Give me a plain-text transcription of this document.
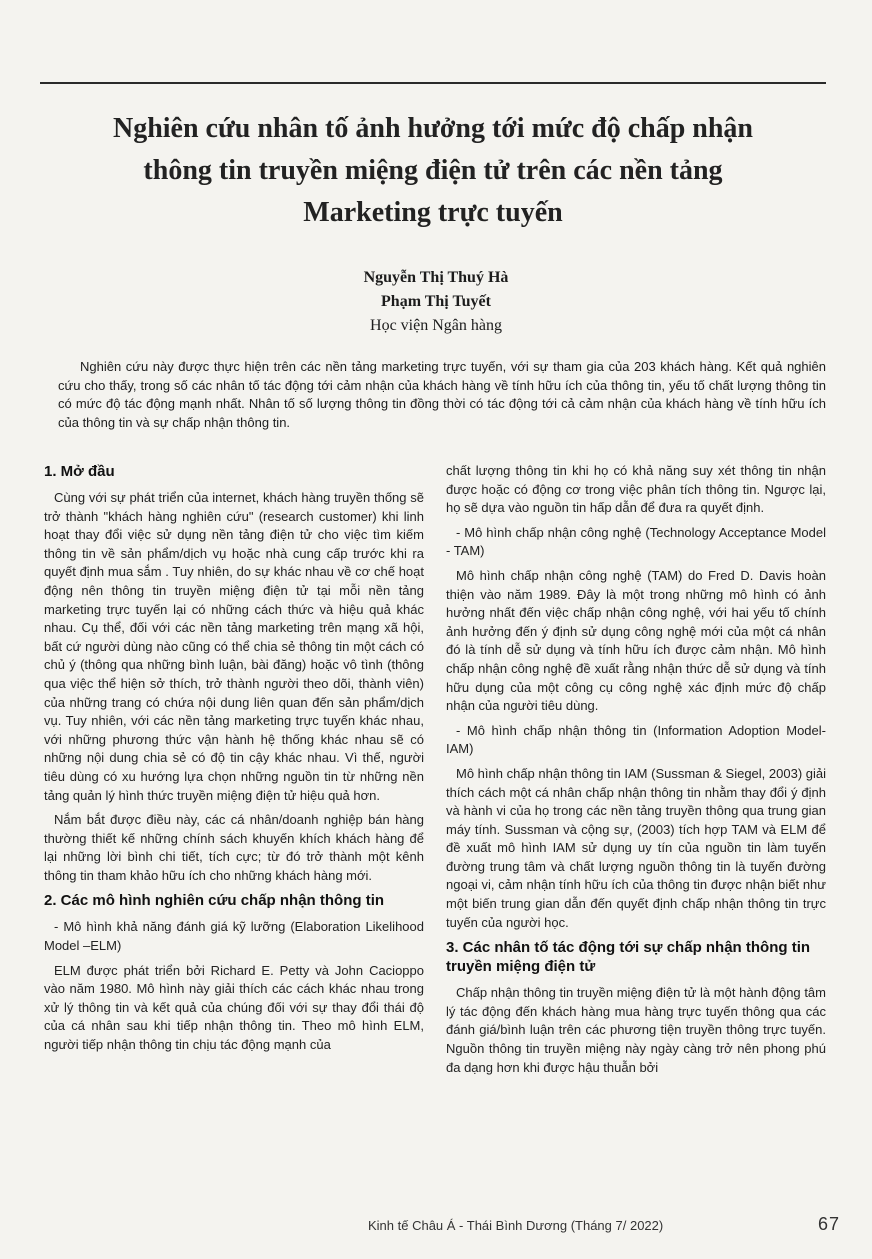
Nghiên cứu nhân tố ảnh hưởng tới mức độ chấp nhận
thông tin truyền miệng điện tử trên các nền tảng
Marketing trực tuyến
Nguyễn Thị Thuý Hà
Phạm Thị Tuyết
Học viện Ngân hàng

Nghiên cứu này được thực hiện trên các nền tảng marketing trực tuyến, với sự tham gia của 203 khách hàng. Kết quả nghiên cứu cho thấy, trong số các nhân tố tác động tới cảm nhận của khách hàng về tính hữu ích của thông tin, yếu tố chất lượng thông tin có mức độ tác động mạnh nhất. Nhân tố số lượng thông tin đồng thời có tác động tới cả cảm nhận của khách hàng về tính hữu ích của thông tin và sự chấp nhận thông tin.

1. Mở đầu

Cùng với sự phát triển của internet, khách hàng truyền thống sẽ trở thành "khách hàng nghiên cứu" (research customer) khi linh hoạt thay đổi việc sử dụng nền tảng điện tử cho việc tìm kiếm thông tin về sản phẩm/dịch vụ hoặc nhà cung cấp trước khi ra quyết định mua sắm . Tuy nhiên, do sự khác nhau về cơ chế hoạt động nên thông tin truyền miệng điện tử tại mỗi nền tảng marketing trực tuyến lại có những cách thức và hiệu quả khác nhau. Cụ thể, đối với các nền tảng marketing trên mạng xã hội, bất cứ người dùng nào cũng có thể chia sẻ thông tin một cách có chủ ý (thông qua những bình luận, bài đăng) hoặc vô tình (thông qua việc thể hiện sở thích, trở thành người theo dõi, thành viên) của những trang có chứa nội dung liên quan đến sản phẩm/dịch vụ. Tuy nhiên, với các nền tảng marketing trực tuyến khác nhau, với những phương thức vận hành hệ thống khác nhau sẽ có những nội dung chia sẻ có độ tin cậy khác nhau. Vì thế, người tiêu dùng có xu hướng lựa chọn những nguồn tin từ những nền tảng quản lý hình thức truyền miệng điện tử hiệu quả hơn.

Nắm bắt được điều này, các cá nhân/doanh nghiệp bán hàng thường thiết kế những chính sách khuyến khích khách hàng để lại những lời bình chi tiết, tích cực; từ đó trở thành một kênh thông tin tham khảo hữu ích cho những khách hàng mới.

2. Các mô hình nghiên cứu chấp nhận thông tin

- Mô hình khả năng đánh giá kỹ lưỡng (Elaboration Likelihood Model –ELM)

ELM được phát triển bởi Richard E. Petty và John Cacioppo vào năm 1980. Mô hình này giải thích các cách khác nhau trong xử lý thông tin và kết quả của chúng đối với sự thay đổi thái độ của cá nhân sau khi tiếp nhận thông tin. Theo mô hình ELM, người tiếp nhận thông tin chịu tác động mạnh của

chất lượng thông tin khi họ có khả năng suy xét thông tin nhận được hoặc có động cơ trong việc phân tích thông tin. Ngược lại, họ sẽ dựa vào nguồn tin hấp dẫn để đưa ra quyết định.

- Mô hình chấp nhận công nghệ (Technology Acceptance Model - TAM)

Mô hình chấp nhận công nghệ (TAM) do Fred D. Davis hoàn thiện vào năm 1989. Đây là một trong những mô hình có ảnh hưởng nhất đến việc chấp nhận công nghệ, với hai yếu tố chính ảnh hưởng đến ý định sử dụng công nghệ mới của một cá nhân đó là tính dễ sử dụng và tính hữu ích được cảm nhận. Mô hình chấp nhận công nghệ đề xuất rằng nhận thức dễ sử dụng và tính hữu dụng của một công cụ công nghệ xác định mức độ chấp nhận của người tiêu dùng.

- Mô hình chấp nhận thông tin (Information Adoption Model-IAM)

Mô hình chấp nhận thông tin IAM (Sussman & Siegel, 2003) giải thích cách một cá nhân chấp nhận thông tin nhằm thay đổi ý định và hành vi của họ trong các nền tảng truyền thông qua trung gian máy tính. Sussman và cộng sự, (2003) tích hợp TAM và ELM để đề xuất mô hình IAM sử dụng uy tín của nguồn tin làm tuyến đường trung tâm và chất lượng nguồn thông tin là tuyến đường ngoại vi, cảm nhận tính hữu ích của thông tin được nhận biết như một biến trung gian dẫn đến quyết định chấp nhận thông tin trực tuyến của người học.

3. Các nhân tố tác động tới sự chấp nhận thông tin truyền miệng điện tử

Chấp nhận thông tin truyền miệng điện tử là một hành động tâm lý tác động đến khách hàng mua hàng trực tuyến thông qua các đánh giá/bình luận trên các phương tiện truyền thông trực tuyến. Nguồn thông tin truyền miệng này ngày càng trở nên phong phú đa dạng hơn khi được hậu thuẫn bởi

Kinh tế Châu Á - Thái Bình Dương (Tháng 7/ 2022)	67
